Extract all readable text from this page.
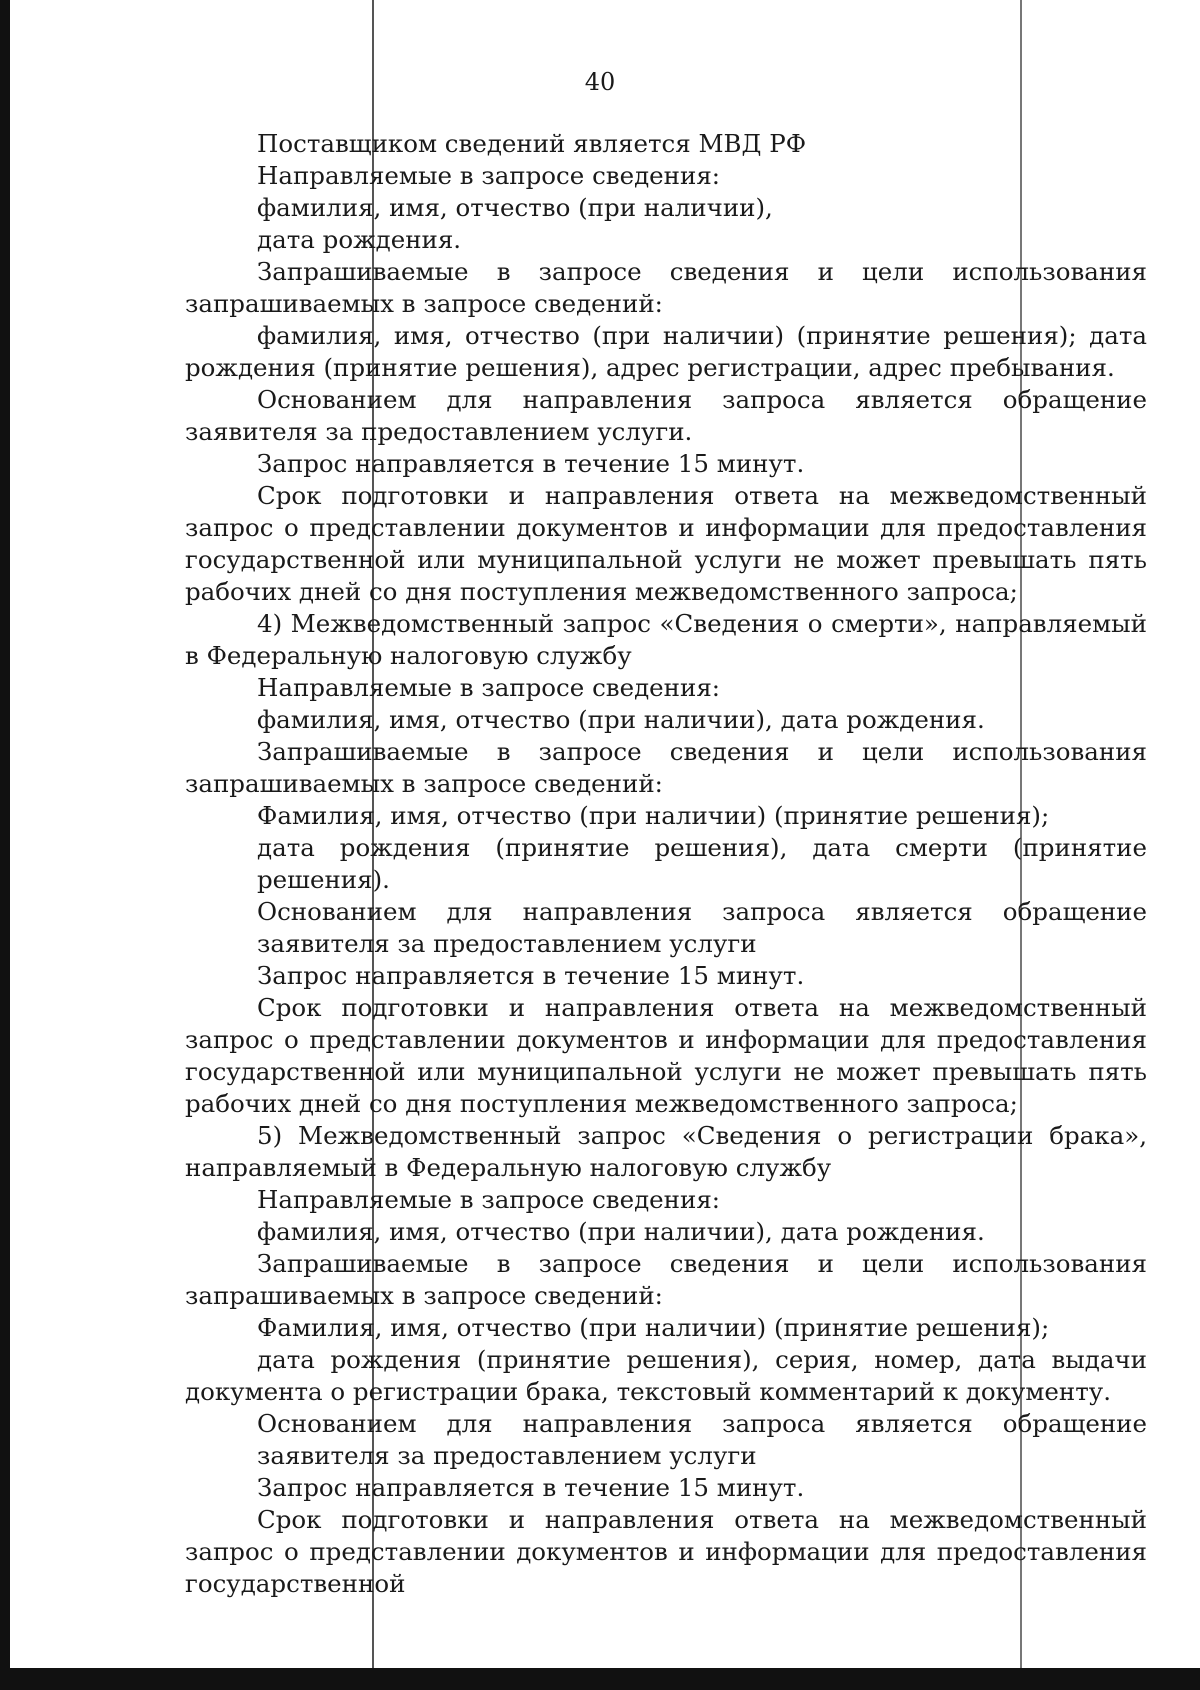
40

Поставщиком сведений является МВД РФ

Направляемые в запросе сведения:

фамилия, имя, отчество (при наличии),

дата рождения.

Запрашиваемые в запросе сведения и цели использования запрашиваемых в запросе сведений:

фамилия, имя, отчество (при наличии) (принятие решения); дата рождения (принятие решения), адрес регистрации, адрес пребывания.

Основанием для направления запроса является обращение заявителя за предоставлением услуги.

Запрос направляется в течение 15 минут.

Срок подготовки и направления ответа на межведомственный запрос о представлении документов и информации для предоставления государственной или муниципальной услуги не может превышать пять рабочих дней со дня поступления межведомственного запроса;

4) Межведомственный запрос «Сведения о смерти», направляемый в Федеральную налоговую службу

Направляемые в запросе сведения:

фамилия, имя, отчество (при наличии), дата рождения.

Запрашиваемые в запросе сведения и цели использования запрашиваемых в запросе сведений:

Фамилия, имя, отчество (при наличии) (принятие решения);

дата рождения (принятие решения), дата смерти (принятие решения).

Основанием для направления запроса является обращение заявителя за предоставлением услуги

Запрос направляется в течение 15 минут.

Срок подготовки и направления ответа на межведомственный запрос о представлении документов и информации для предоставления государственной или муниципальной услуги не может превышать пять рабочих дней со дня поступления межведомственного запроса;

5) Межведомственный запрос «Сведения о регистрации брака», направляемый в Федеральную налоговую службу

Направляемые в запросе сведения:

фамилия, имя, отчество (при наличии), дата рождения.

Запрашиваемые в запросе сведения и цели использования запрашиваемых в запросе сведений:

Фамилия, имя, отчество (при наличии) (принятие решения);

дата рождения (принятие решения), серия, номер, дата выдачи документа о регистрации брака, текстовый комментарий к документу.

Основанием для направления запроса является обращение заявителя за предоставлением услуги

Запрос направляется в течение 15 минут.

Срок подготовки и направления ответа на межведомственный запрос о представлении документов и информации для предоставления государственной
